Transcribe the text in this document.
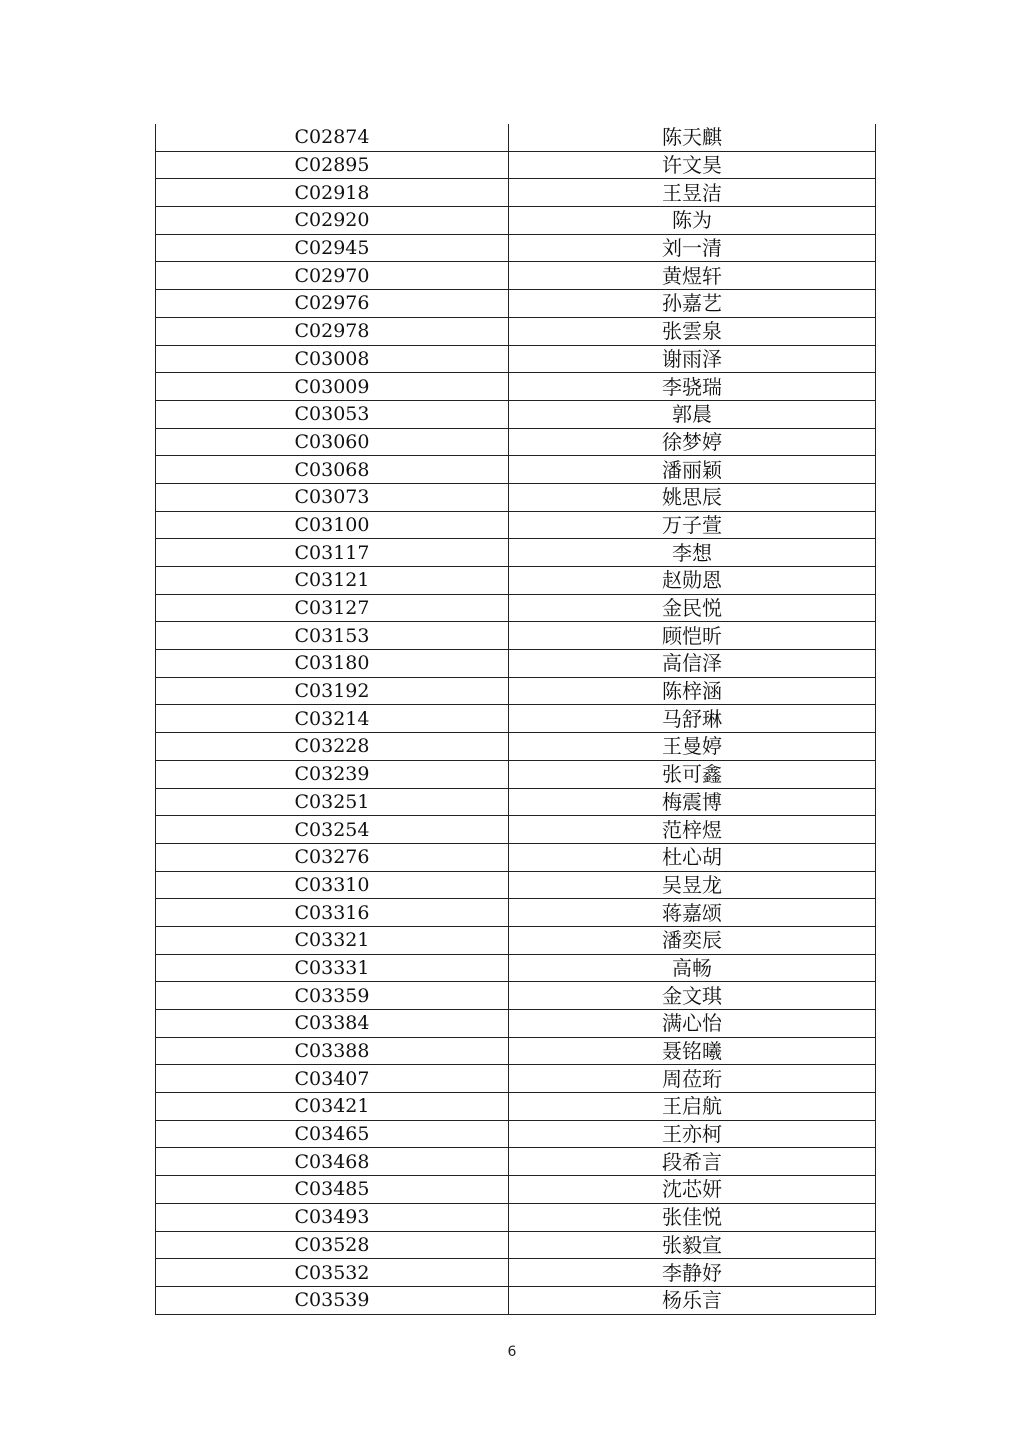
C02874	陈天麒
C02895	许文昊
C02918	王昱洁
C02920	陈为
C02945	刘一清
C02970	黄煜轩
C02976	孙嘉艺
C02978	张雲泉
C03008	谢雨泽
C03009	李骁瑞
C03053	郭晨
C03060	徐梦婷
C03068	潘丽颖
C03073	姚思辰
C03100	万子萱
C03117	李想
C03121	赵勋恩
C03127	金民悦
C03153	顾恺昕
C03180	高信泽
C03192	陈梓涵
C03214	马舒琳
C03228	王曼婷
C03239	张可鑫
C03251	梅震博
C03254	范梓煜
C03276	杜心胡
C03310	吴昱龙
C03316	蒋嘉颂
C03321	潘奕辰
C03331	高畅
C03359	金文琪
C03384	满心怡
C03388	聂铭曦
C03407	周莅珩
C03421	王启航
C03465	王亦柯
C03468	段希言
C03485	沈芯妍
C03493	张佳悦
C03528	张毅宣
C03532	李静妤
C03539	杨乐言
6
